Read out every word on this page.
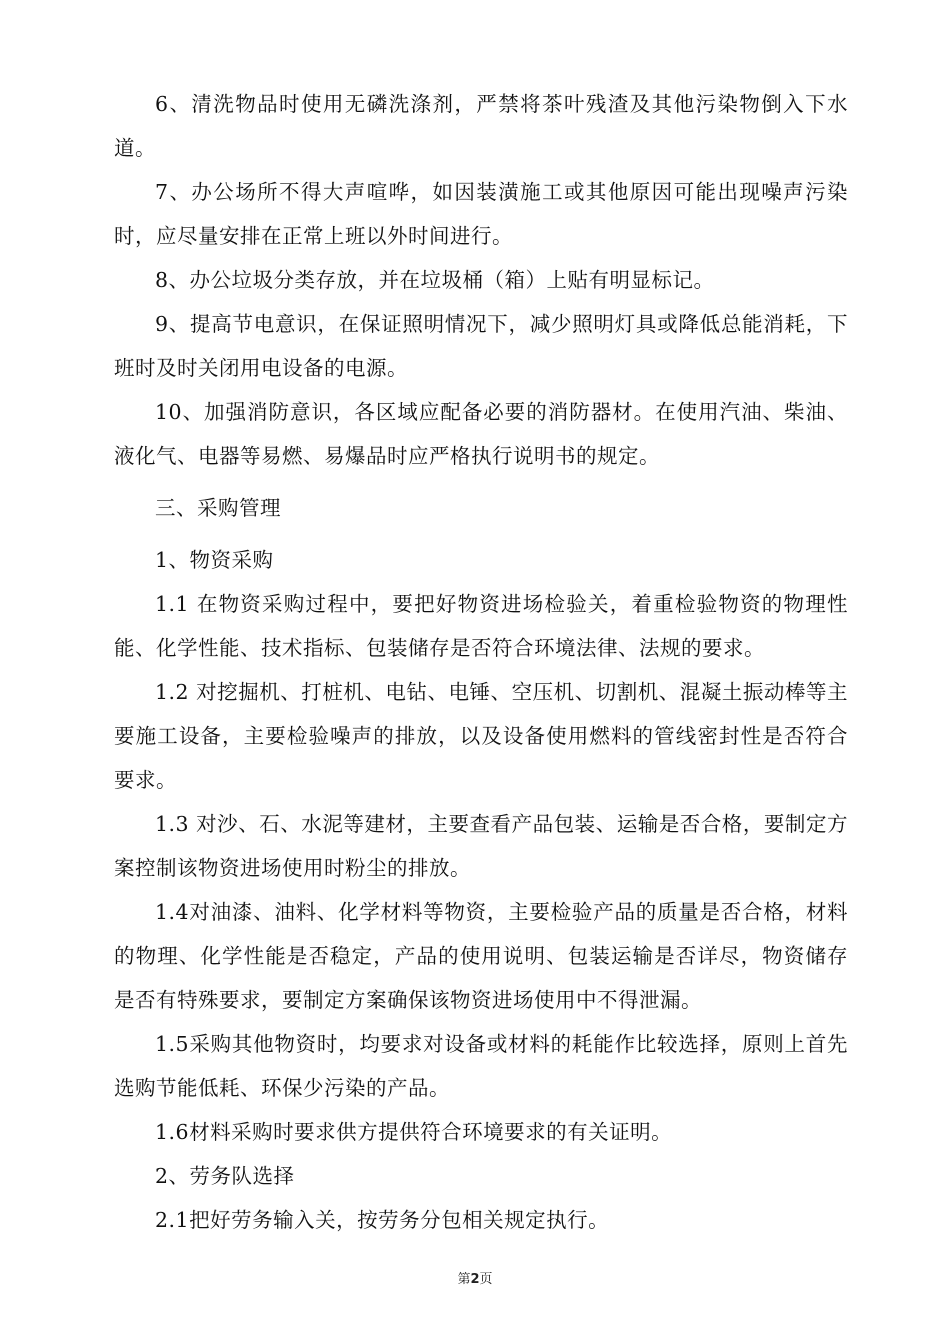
6、清洗物品时使用无磷洗涤剂，严禁将茶叶残渣及其他污染物倒入下水道。

7、办公场所不得大声喧哗，如因装潢施工或其他原因可能出现噪声污染时，应尽量安排在正常上班以外时间进行。

8、办公垃圾分类存放，并在垃圾桶（箱）上贴有明显标记。

9、提高节电意识，在保证照明情况下，减少照明灯具或降低总能消耗，下班时及时关闭用电设备的电源。

10、加强消防意识，各区域应配备必要的消防器材。在使用汽油、柴油、液化气、电器等易燃、易爆品时应严格执行说明书的规定。

三、采购管理

1、物资采购

1.1 在物资采购过程中，要把好物资进场检验关，着重检验物资的物理性能、化学性能、技术指标、包装储存是否符合环境法律、法规的要求。

1.2 对挖掘机、打桩机、电钻、电锤、空压机、切割机、混凝土振动棒等主要施工设备，主要检验噪声的排放，以及设备使用燃料的管线密封性是否符合要求。

1.3 对沙、石、水泥等建材，主要查看产品包装、运输是否合格，要制定方案控制该物资进场使用时粉尘的排放。

1.4对油漆、油料、化学材料等物资，主要检验产品的质量是否合格，材料的物理、化学性能是否稳定，产品的使用说明、包装运输是否详尽，物资储存是否有特殊要求，要制定方案确保该物资进场使用中不得泄漏。

1.5采购其他物资时，均要求对设备或材料的耗能作比较选择，原则上首先选购节能低耗、环保少污染的产品。

1.6材料采购时要求供方提供符合环境要求的有关证明。

2、劳务队选择

2.1把好劳务输入关，按劳务分包相关规定执行。

第2页
